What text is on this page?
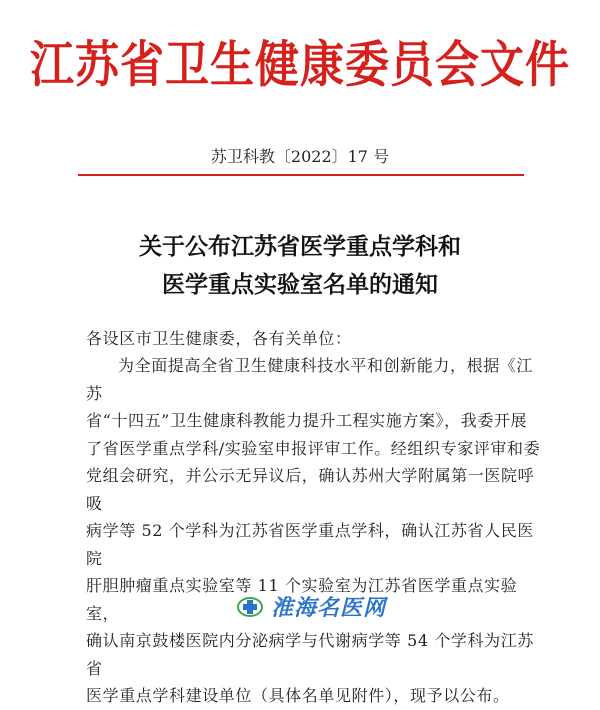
江苏省卫生健康委员会文件
苏卫科教〔2022〕17 号
关于公布江苏省医学重点学科和
医学重点实验室名单的通知
各设区市卫生健康委，各有关单位：

为全面提高全省卫生健康科技水平和创新能力，根据《江苏

省“十四五”卫生健康科教能力提升工程实施方案》，我委开展

了省医学重点学科/实验室申报评审工作。经组织专家评审和委

党组会研究，并公示无异议后，确认苏州大学附属第一医院呼吸

病学等 52 个学科为江苏省医学重点学科，确认江苏省人民医院

肝胆肿瘤重点实验室等 11 个实验室为江苏省医学重点实验室，

确认南京鼓楼医院内分泌病学与代谢病学等 54 个学科为江苏省

医学重点学科建设单位（具体名单见附件），现予以公布。

淮海名医网
